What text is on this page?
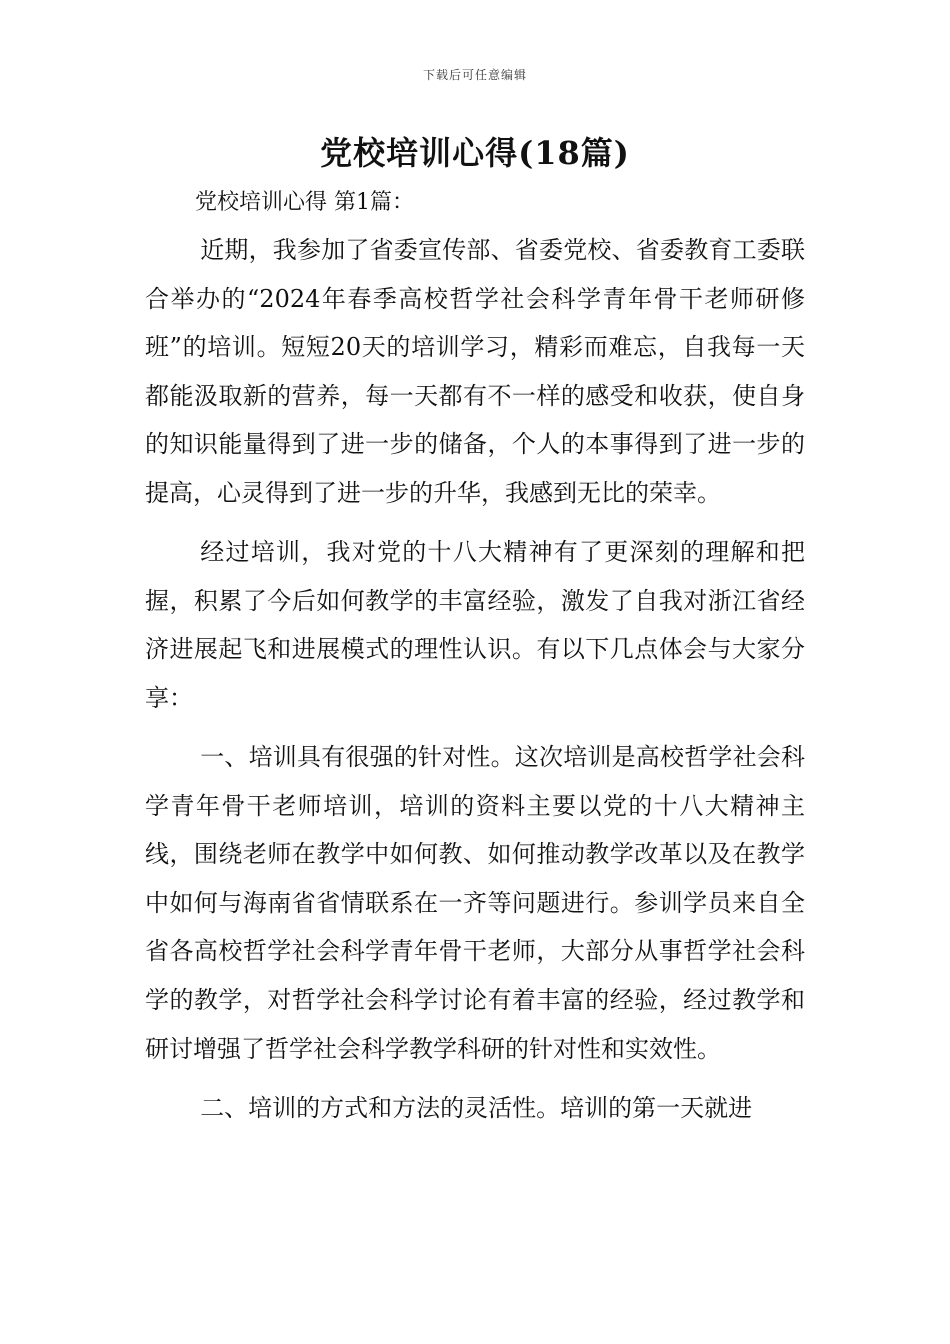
下载后可任意编辑
党校培训心得(18篇)
党校培训心得 第1篇：

近期，我参加了省委宣传部、省委党校、省委教育工委联合举办的“2024年春季高校哲学社会科学青年骨干老师研修班”的培训。短短20天的培训学习，精彩而难忘，自我每一天都能汲取新的营养，每一天都有不一样的感受和收获，使自身的知识能量得到了进一步的储备，个人的本事得到了进一步的提高，心灵得到了进一步的升华，我感到无比的荣幸。

经过培训，我对党的十八大精神有了更深刻的理解和把握，积累了今后如何教学的丰富经验，激发了自我对浙江省经济进展起飞和进展模式的理性认识。有以下几点体会与大家分享：

一、培训具有很强的针对性。这次培训是高校哲学社会科学青年骨干老师培训，培训的资料主要以党的十八大精神主线，围绕老师在教学中如何教、如何推动教学改革以及在教学中如何与海南省省情联系在一齐等问题进行。参训学员来自全省各高校哲学社会科学青年骨干老师，大部分从事哲学社会科学的教学，对哲学社会科学讨论有着丰富的经验，经过教学和研讨增强了哲学社会科学教学科研的针对性和实效性。

二、培训的方式和方法的灵活性。培训的第一天就进
